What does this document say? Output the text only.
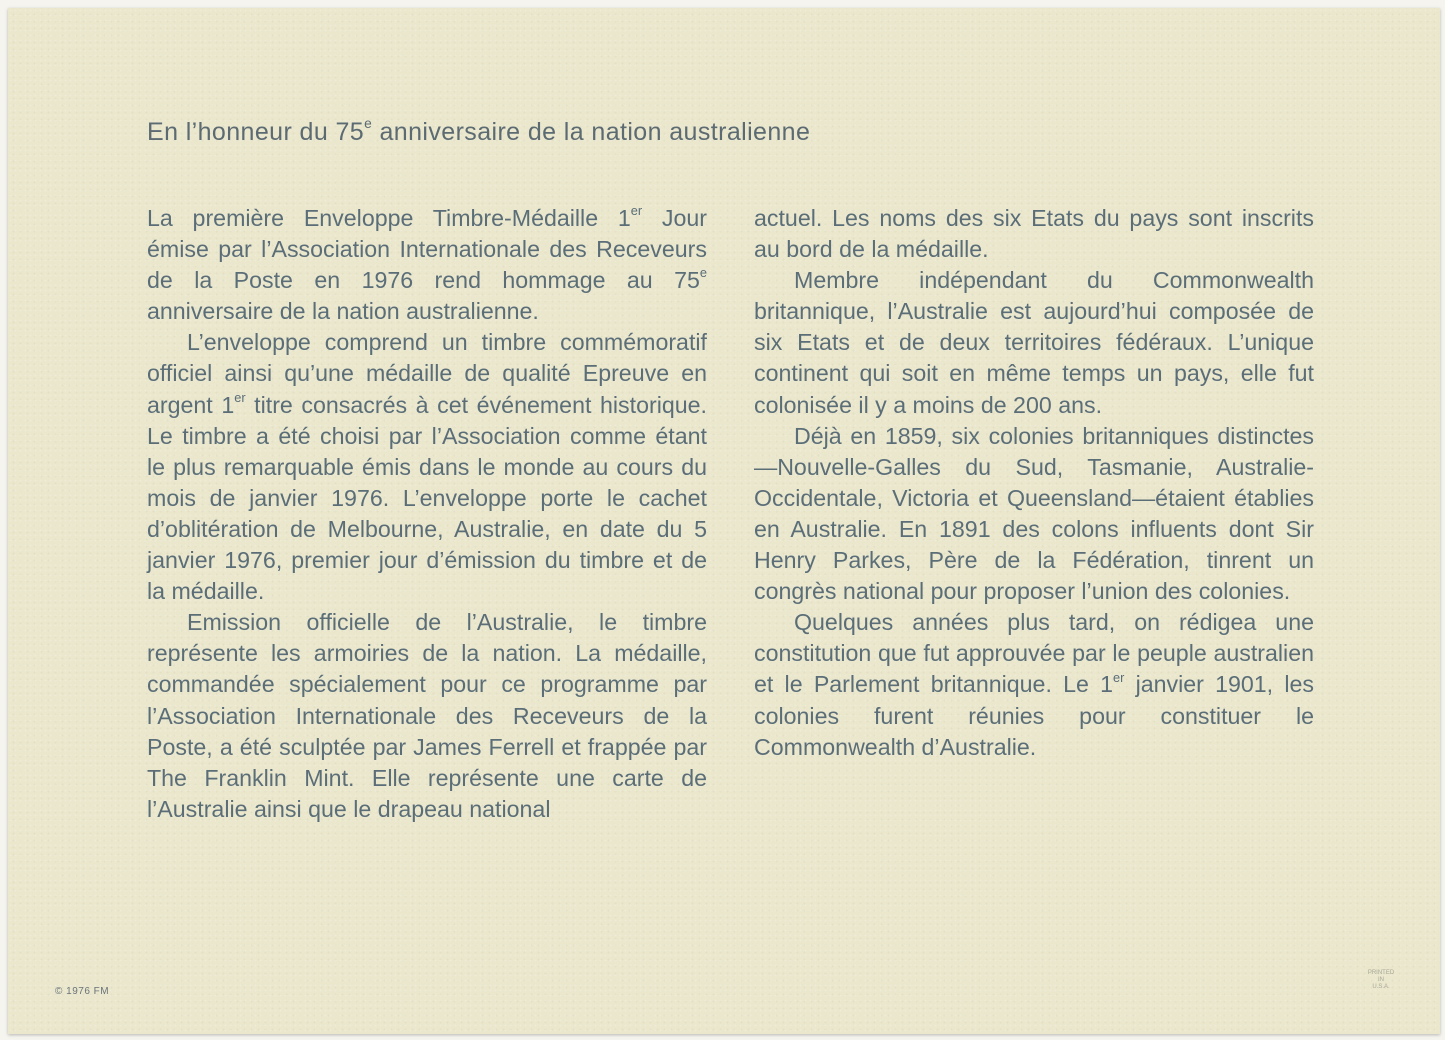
En l’honneur du 75e anniversaire de la nation australienne

La première Enveloppe Timbre-Médaille 1er Jour émise par l’Association Internationale des Receveurs de la Poste en 1976 rend hommage au 75e anniversaire de la nation australienne.

L’enveloppe comprend un timbre commémoratif officiel ainsi qu’une médaille de qualité Epreuve en argent 1er titre consacrés à cet événement historique. Le timbre a été choisi par l’Association comme étant le plus remarquable émis dans le monde au cours du mois de janvier 1976. L’enveloppe porte le cachet d’oblitération de Melbourne, Australie, en date du 5 janvier 1976, premier jour d’émission du timbre et de la médaille.

Emission officielle de l’Australie, le timbre représente les armoiries de la nation. La médaille, commandée spécialement pour ce programme par l’Association Internationale des Receveurs de la Poste, a été sculptée par James Ferrell et frappée par The Franklin Mint. Elle représente une carte de l’Australie ainsi que le drapeau national

actuel. Les noms des six Etats du pays sont inscrits au bord de la médaille.

Membre indépendant du Commonwealth britannique, l’Australie est aujourd’hui composée de six Etats et de deux territoires fédéraux. L’unique continent qui soit en même temps un pays, elle fut colonisée il y a moins de 200 ans.

Déjà en 1859, six colonies britanniques distinctes—Nouvelle-Galles du Sud, Tasmanie, Australie-Occidentale, Victoria et Queensland—étaient établies en Australie. En 1891 des colons influents dont Sir Henry Parkes, Père de la Fédération, tinrent un congrès national pour proposer l’union des colonies.

Quelques années plus tard, on rédigea une constitution que fut approuvée par le peuple australien et le Parlement britannique. Le 1er janvier 1901, les colonies furent réunies pour constituer le Commonwealth d’Australie.

© 1976 FM
PRINTED
IN
U.S.A.
